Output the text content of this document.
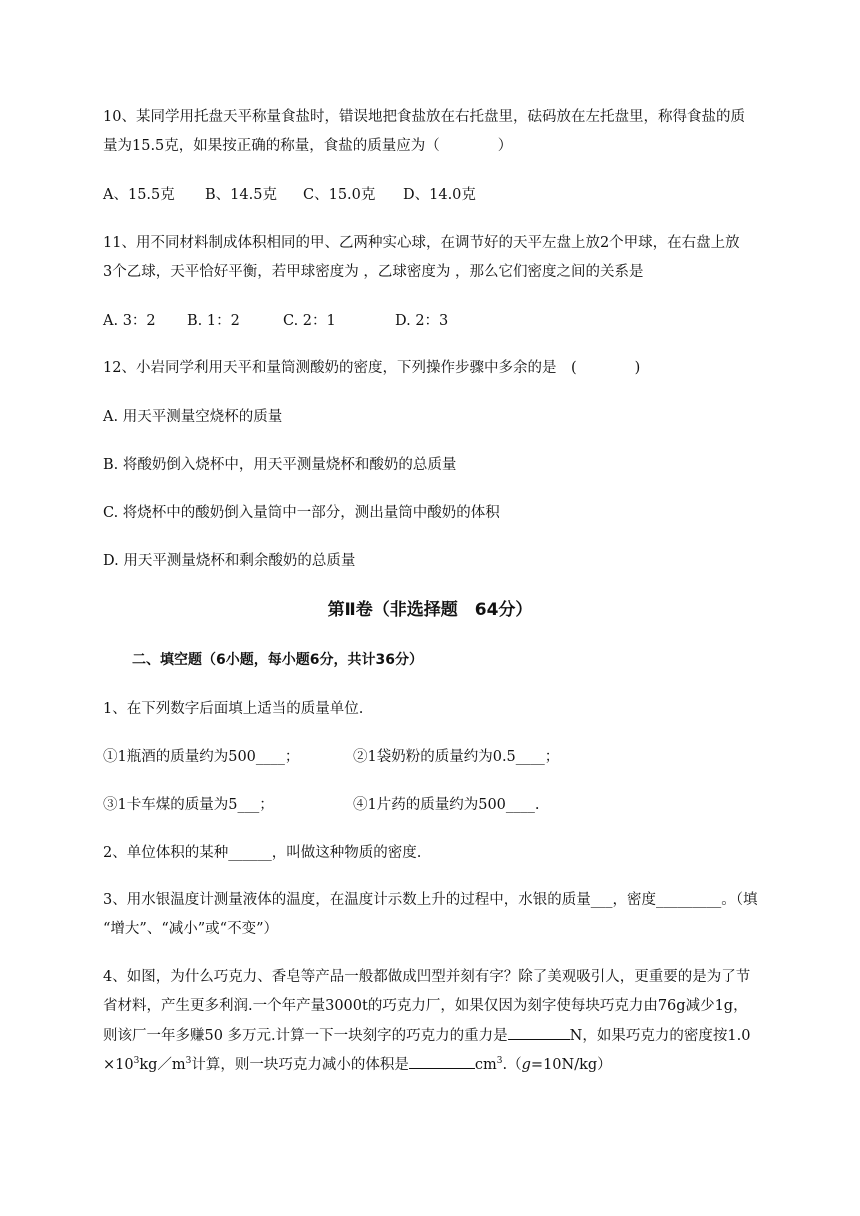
10、某同学用托盘天平称量食盐时，错误地把食盐放在右托盘里，砝码放在左托盘里，称得食盐的质
量为15.5克，如果按正确的称量，食盐的质量应为（　　　　）
A、15.5克 B、14.5克 C、15.0克 D、14.0克
11、用不同材料制成体积相同的甲、乙两种实心球，在调节好的天平左盘上放2个甲球，在右盘上放
3个乙球，天平恰好平衡，若甲球密度为 ，乙球密度为 ，那么它们密度之间的关系是
A. 3：2 B. 1：2	C. 2：1	D. 2：3
12、小岩同学利用天平和量筒测酸奶的密度，下列操作步骤中多余的是　(　　　　)
A. 用天平测量空烧杯的质量
B. 将酸奶倒入烧杯中，用天平测量烧杯和酸奶的总质量
C. 将烧杯中的酸奶倒入量筒中一部分，测出量筒中酸奶的体积
D. 用天平测量烧杯和剩余酸奶的总质量
第Ⅱ卷（非选择题　64分）
二、填空题（6小题，每小题6分，共计36分）
1、在下列数字后面填上适当的质量单位.
①1瓶酒的质量约为500____；	②1袋奶粉的质量约为0.5____；
③1卡车煤的质量为5___；	④1片药的质量约为500____.
2、单位体积的某种______，叫做这种物质的密度.
3、用水银温度计测量液体的温度，在温度计示数上升的过程中，水银的质量___，密度_________。（填
“增大”、“减小”或“不变”）
4、如图，为什么巧克力、香皂等产品一般都做成凹型并刻有字？除了美观吸引人，更重要的是为了节
省材料，产生更多利润.一个年产量3000t的巧克力厂，如果仅因为刻字使每块巧克力由76g减少1g，
则该厂一年多赚50 多万元.计算一下一块刻字的巧克力的重力是	N，如果巧克力的密度按1.0
$\times 10^3kg/m^3$计算，则一块巧克力减小的体积是	$cm^3.(g=10N/kg)$
